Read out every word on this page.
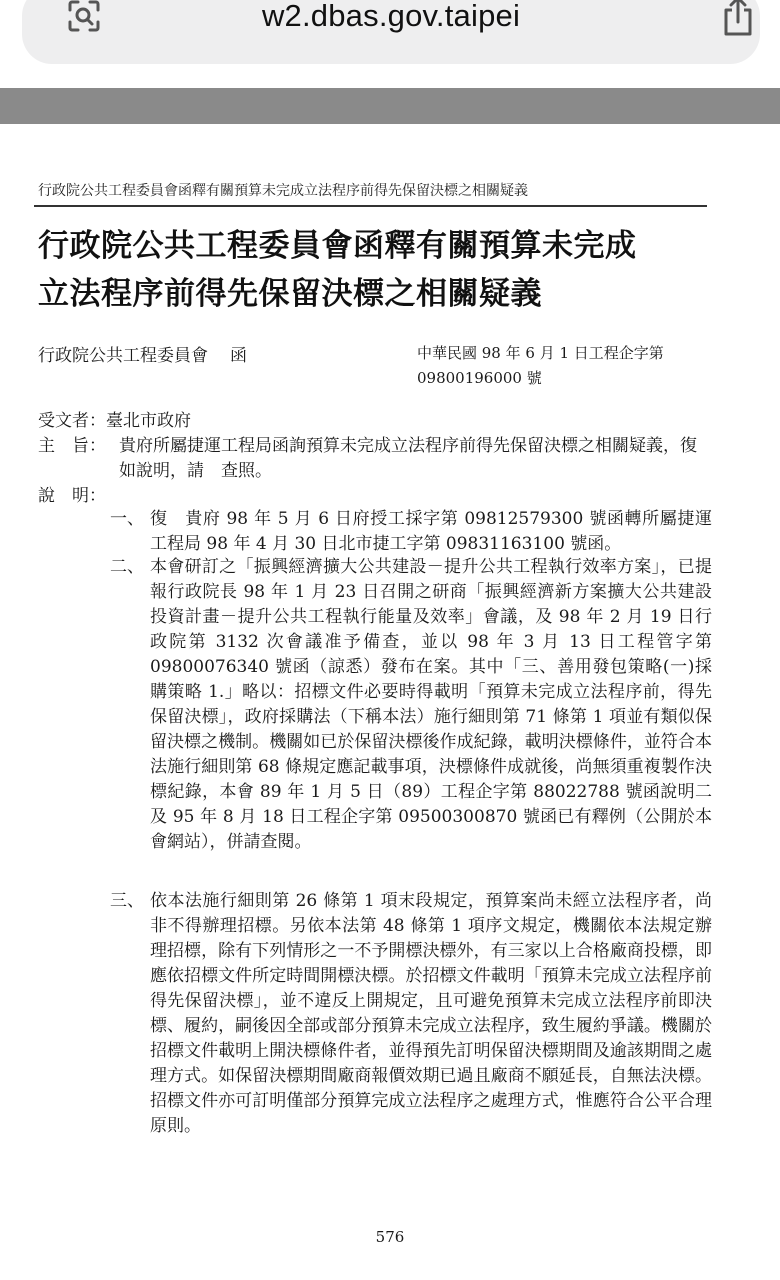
w2.dbas.gov.taipei
行政院公共工程委員會函釋有關預算未完成立法程序前得先保留決標之相關疑義
行政院公共工程委員會函釋有關預算未完成
立法程序前得先保留決標之相關疑義
行政院公共工程委員會 函	中華民國 98 年 6 月 1 日工程企字第
09800196000 號
受文者：臺北市政府
主　旨： 貴府所屬捷運工程局函詢預算未完成立法程序前得先保留決標之相關疑義，復如說明，請　查照。
說　明：
一、 復　貴府 98 年 5 月 6 日府授工採字第 09812579300 號函轉所屬捷運工程局 98 年 4 月 30 日北市捷工字第 09831163100 號函。
二、 本會研訂之「振興經濟擴大公共建設－提升公共工程執行效率方案」，已提報行政院長 98 年 1 月 23 日召開之研商「振興經濟新方案擴大公共建設投資計畫－提升公共工程執行能量及效率」會議，及 98 年 2 月 19 日行政院第 3132 次會議准予備查，並以 98 年 3 月 13 日工程管字第 09800076340 號函（諒悉）發布在案。其中「三、善用發包策略(一)採購策略 1.」略以：招標文件必要時得載明「預算未完成立法程序前，得先保留決標」，政府採購法（下稱本法）施行細則第 71 條第 1 項並有類似保留決標之機制。機關如已於保留決標後作成紀錄，載明決標條件，並符合本法施行細則第 68 條規定應記載事項，決標條件成就後，尚無須重複製作決標紀錄，本會 89 年 1 月 5 日（89）工程企字第 88022788 號函說明二及 95 年 8 月 18 日工程企字第 09500300870 號函已有釋例（公開於本會網站），併請查閱。
三、 依本法施行細則第 26 條第 1 項末段規定，預算案尚未經立法程序者，尚非不得辦理招標。另依本法第 48 條第 1 項序文規定，機關依本法規定辦理招標，除有下列情形之一不予開標決標外，有三家以上合格廠商投標，即應依招標文件所定時間開標決標。於招標文件載明「預算未完成立法程序前得先保留決標」，並不違反上開規定，且可避免預算未完成立法程序前即決標、履約，嗣後因全部或部分預算未完成立法程序，致生履約爭議。機關於招標文件載明上開決標條件者，並得預先訂明保留決標期間及逾該期間之處理方式。如保留決標期間廠商報價效期已過且廠商不願延長，自無法決標。招標文件亦可訂明僅部分預算完成立法程序之處理方式，惟應符合公平合理原則。
576
